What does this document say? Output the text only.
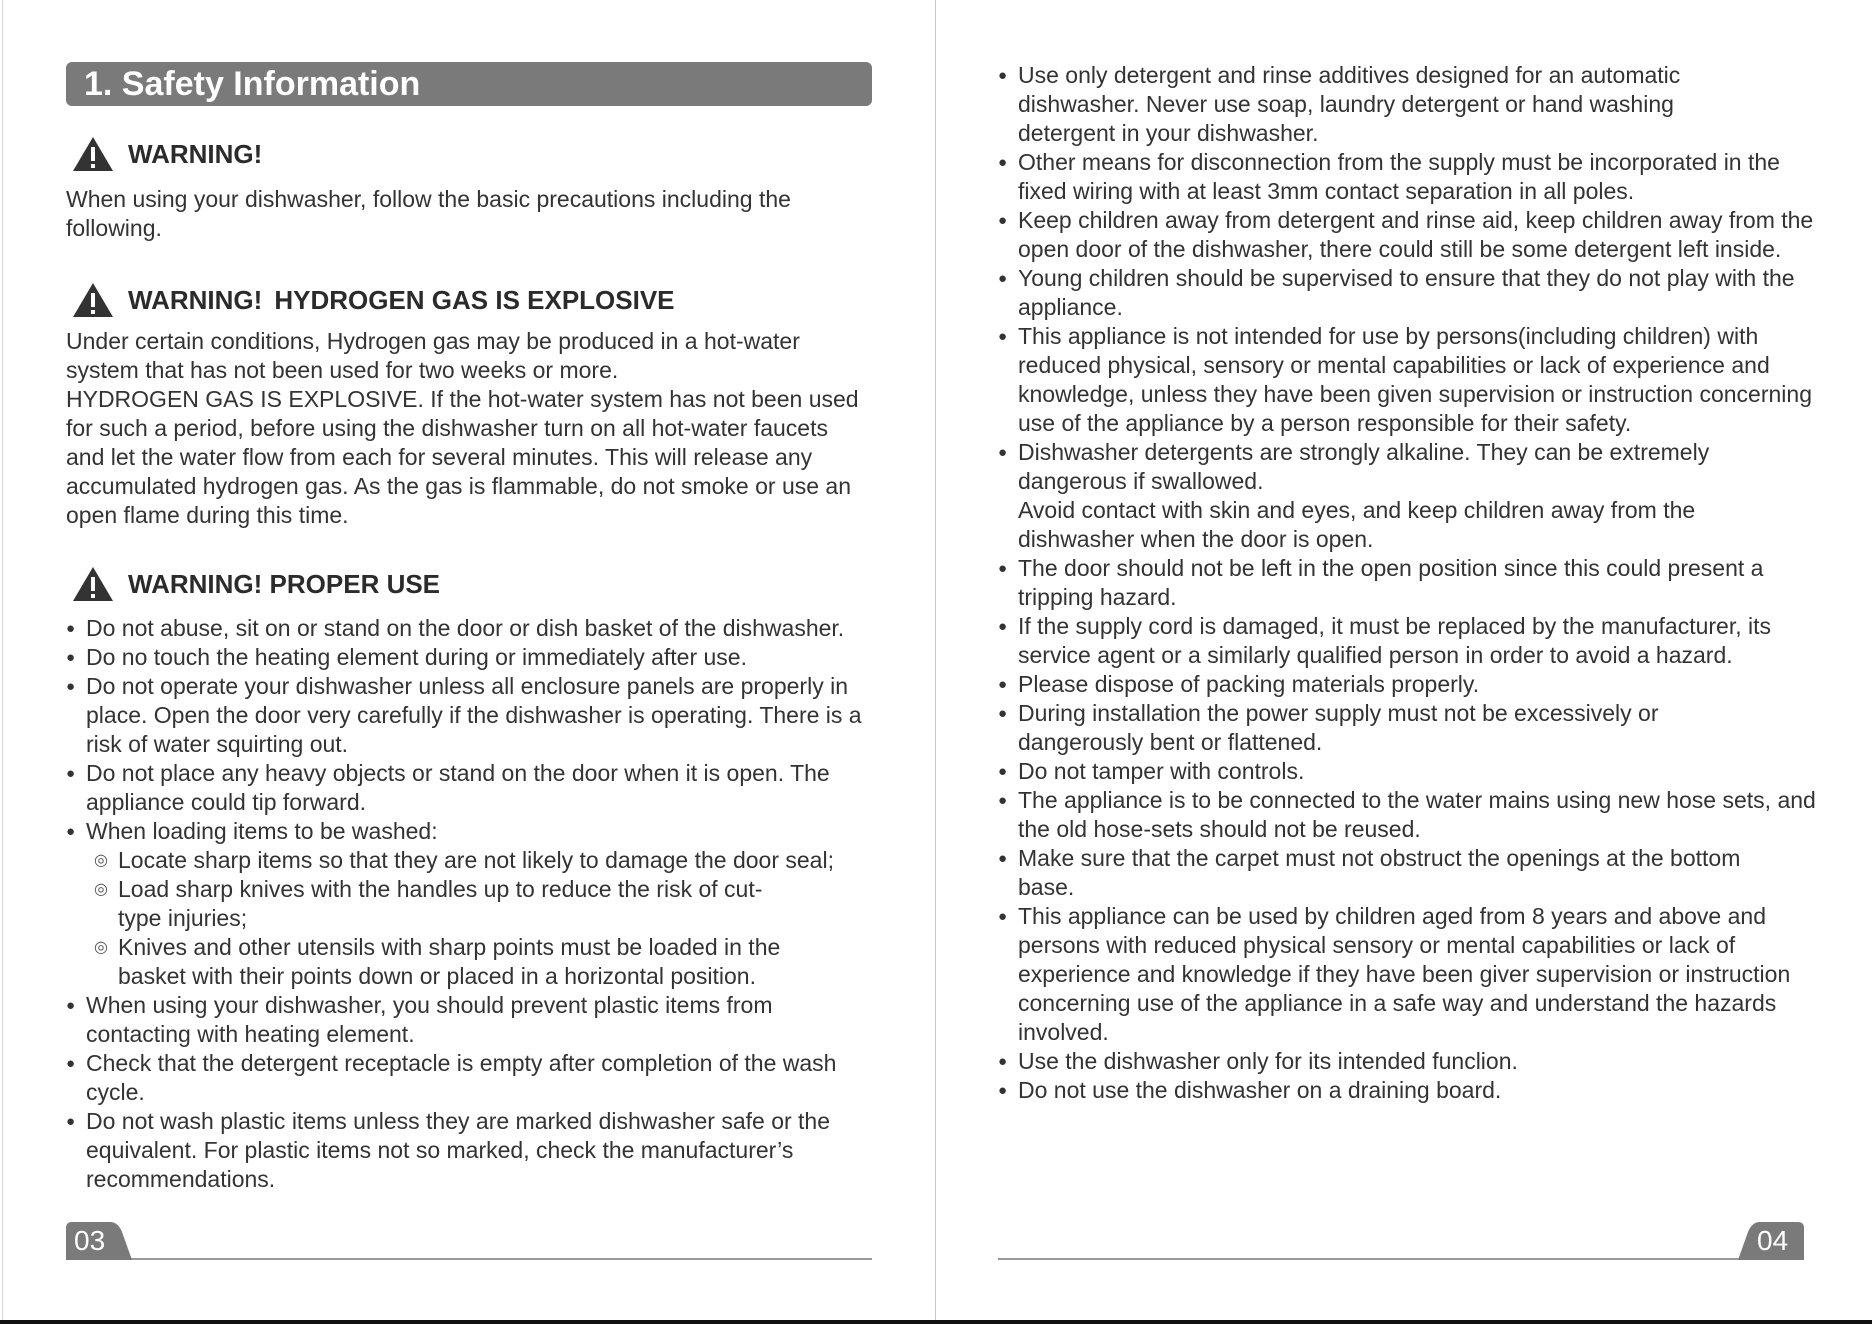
1. Safety Information
WARNING!
When using your dishwasher, follow the basic precautions including the following.
WARNING! HYDROGEN GAS IS EXPLOSIVE
Under certain conditions, Hydrogen gas may be produced in a hot-water system that has not been used for two weeks or more.
HYDROGEN GAS IS EXPLOSIVE. If the hot-water system has not been used for such a period, before using the dishwasher turn on all hot-water faucets and let the water flow from each for several minutes. This will release any accumulated hydrogen gas. As the gas is flammable, do not smoke or use an open flame during this time.
WARNING! PROPER USE
● Do not abuse, sit on or stand on the door or dish basket of the dishwasher.
● Do no touch the heating element during or immediately after use.
● Do not operate your dishwasher unless all enclosure panels are properly in place. Open the door very carefully if the dishwasher is operating. There is a risk of water squirting out.
● Do not place any heavy objects or stand on the door when it is open. The appliance could tip forward.
● When loading items to be washed:
◎ Locate sharp items so that they are not likely to damage the door seal;
◎ Load sharp knives with the handles up to reduce the risk of cut-type injuries;
◎ Knives and other utensils with sharp points must be loaded in the basket with their points down or placed in a horizontal position.
● When using your dishwasher, you should prevent plastic items from contacting with heating element.
● Check that the detergent receptacle is empty after completion of the wash cycle.
● Do not wash plastic items unless they are marked dishwasher safe or the equivalent. For plastic items not so marked, check the manufacturer’s recommendations.
03
● Use only detergent and rinse additives designed for an automatic dishwasher. Never use soap, laundry detergent or hand washing detergent in your dishwasher.
● Other means for disconnection from the supply must be incorporated in the fixed wiring with at least 3mm contact separation in all poles.
● Keep children away from detergent and rinse aid, keep children away from the open door of the dishwasher, there could still be some detergent left inside.
● Young children should be supervised to ensure that they do not play with the appliance.
● This appliance is not intended for use by persons(including children) with reduced physical, sensory or mental capabilities or lack of experience and knowledge, unless they have been given supervision or instruction concerning use of the appliance by a person responsible for their safety.
● Dishwasher detergents are strongly alkaline. They can be extremely dangerous if swallowed.
Avoid contact with skin and eyes, and keep children away from the dishwasher when the door is open.
● The door should not be left in the open position since this could present a tripping hazard.
● If the supply cord is damaged, it must be replaced by the manufacturer, its service agent or a similarly qualified person in order to avoid a hazard.
● Please dispose of packing materials properly.
● During installation the power supply must not be excessively or dangerously bent or flattened.
● Do not tamper with controls.
● The appliance is to be connected to the water mains using new hose sets, and the old hose-sets should not be reused.
● Make sure that the carpet must not obstruct the openings at the bottom base.
● This appliance can be used by children aged from 8 years and above and persons with reduced physical sensory or mental capabilities or lack of experience and knowledge if they have been giver supervision or instruction concerning use of the appliance in a safe way and understand the hazards involved.
● Use the dishwasher only for its intended funclion.
● Do not use the dishwasher on a draining board.
04
